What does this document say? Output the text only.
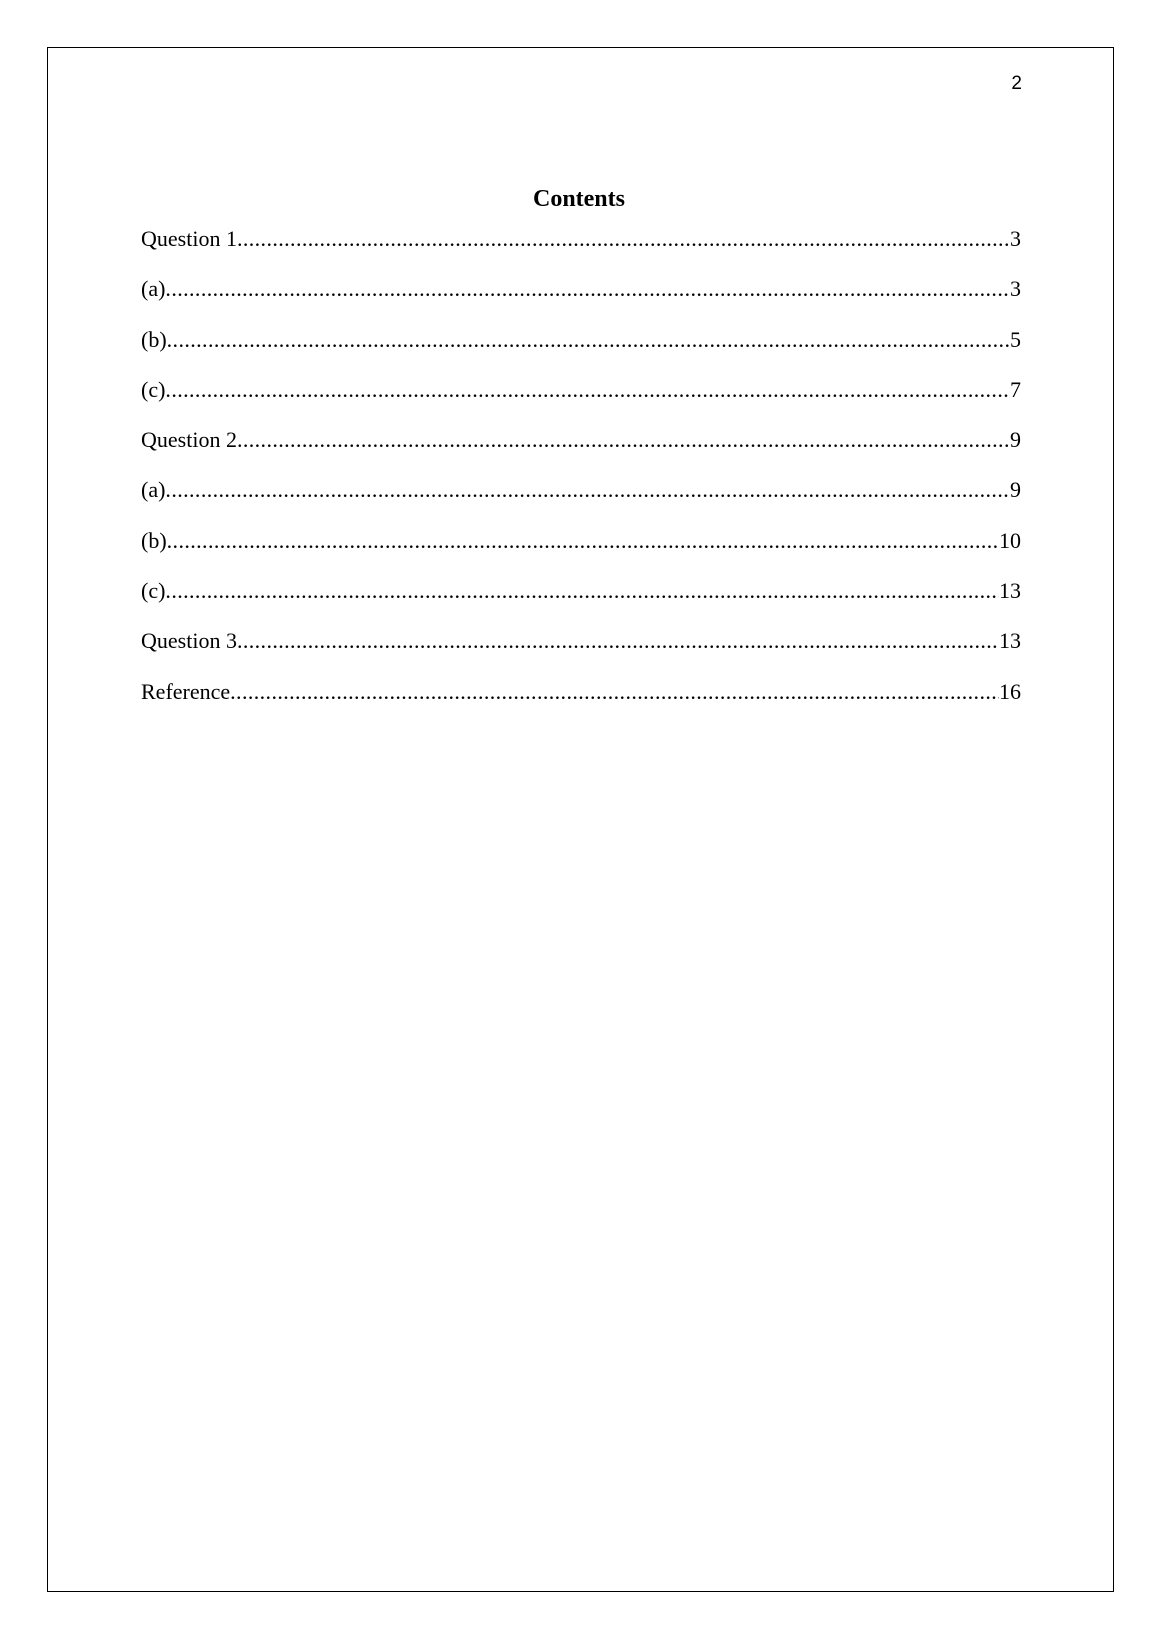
2
Contents
Question 1 .....	3
(a) .....	3
(b) .....	5
(c) .....	7
Question 2 .....	9
(a) .....	9
(b) .....	10
(c) .....	13
Question 3 .....	13
Reference .....	16
